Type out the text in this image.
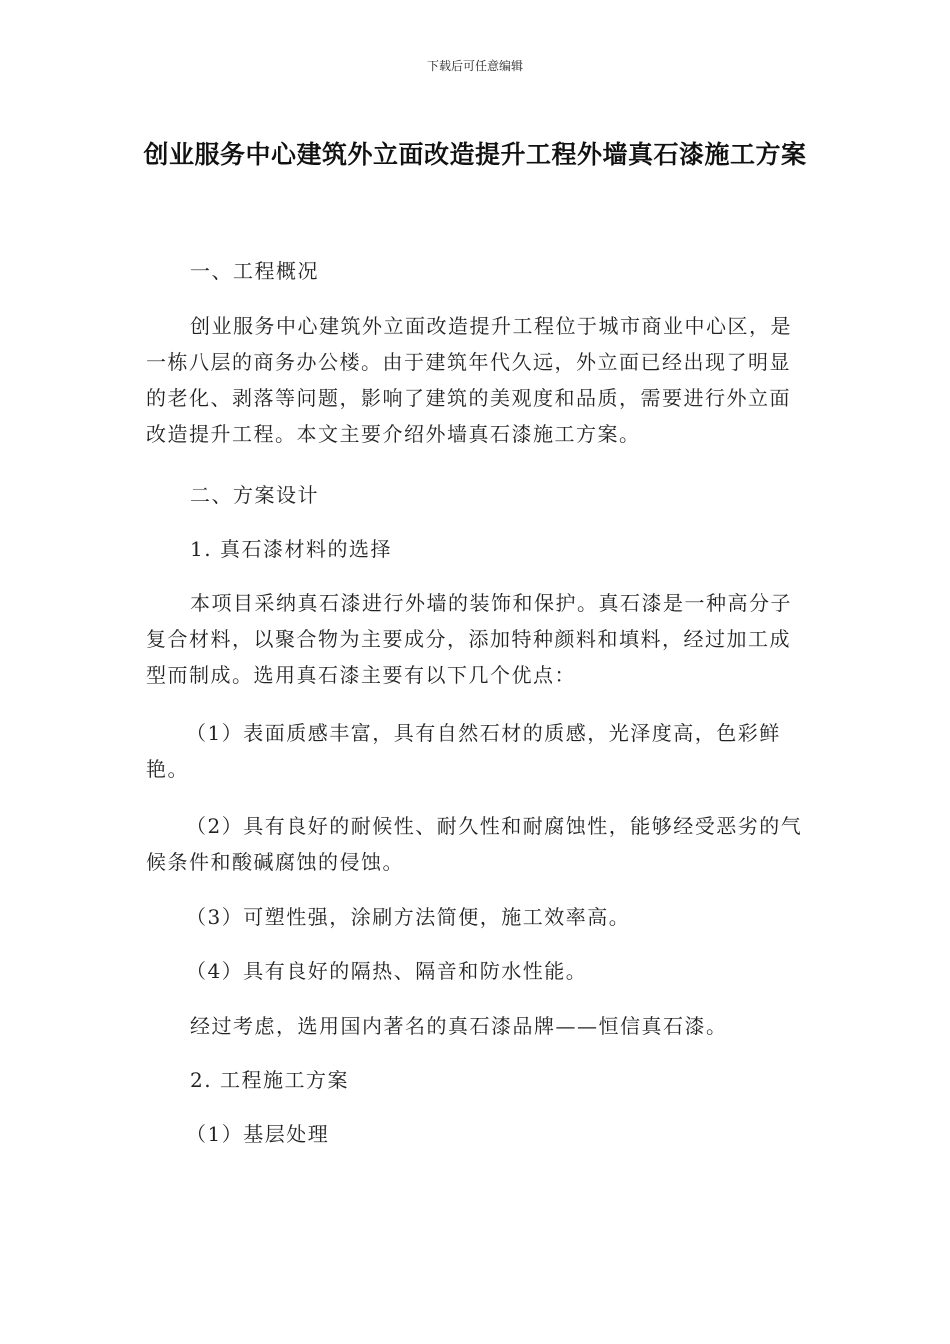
下载后可任意编辑
创业服务中心建筑外立面改造提升工程外墙真石漆施工方案

一、工程概况

创业服务中心建筑外立面改造提升工程位于城市商业中心区，是一栋八层的商务办公楼。由于建筑年代久远，外立面已经出现了明显的老化、剥落等问题，影响了建筑的美观度和品质，需要进行外立面改造提升工程。本文主要介绍外墙真石漆施工方案。

二、方案设计

1. 真石漆材料的选择

本项目采纳真石漆进行外墙的装饰和保护。真石漆是一种高分子复合材料，以聚合物为主要成分，添加特种颜料和填料，经过加工成型而制成。选用真石漆主要有以下几个优点：

（1）表面质感丰富，具有自然石材的质感，光泽度高，色彩鲜艳。

（2）具有良好的耐候性、耐久性和耐腐蚀性，能够经受恶劣的气候条件和酸碱腐蚀的侵蚀。

（3）可塑性强，涂刷方法简便，施工效率高。

（4）具有良好的隔热、隔音和防水性能。

经过考虑，选用国内著名的真石漆品牌——恒信真石漆。

2. 工程施工方案

（1）基层处理
